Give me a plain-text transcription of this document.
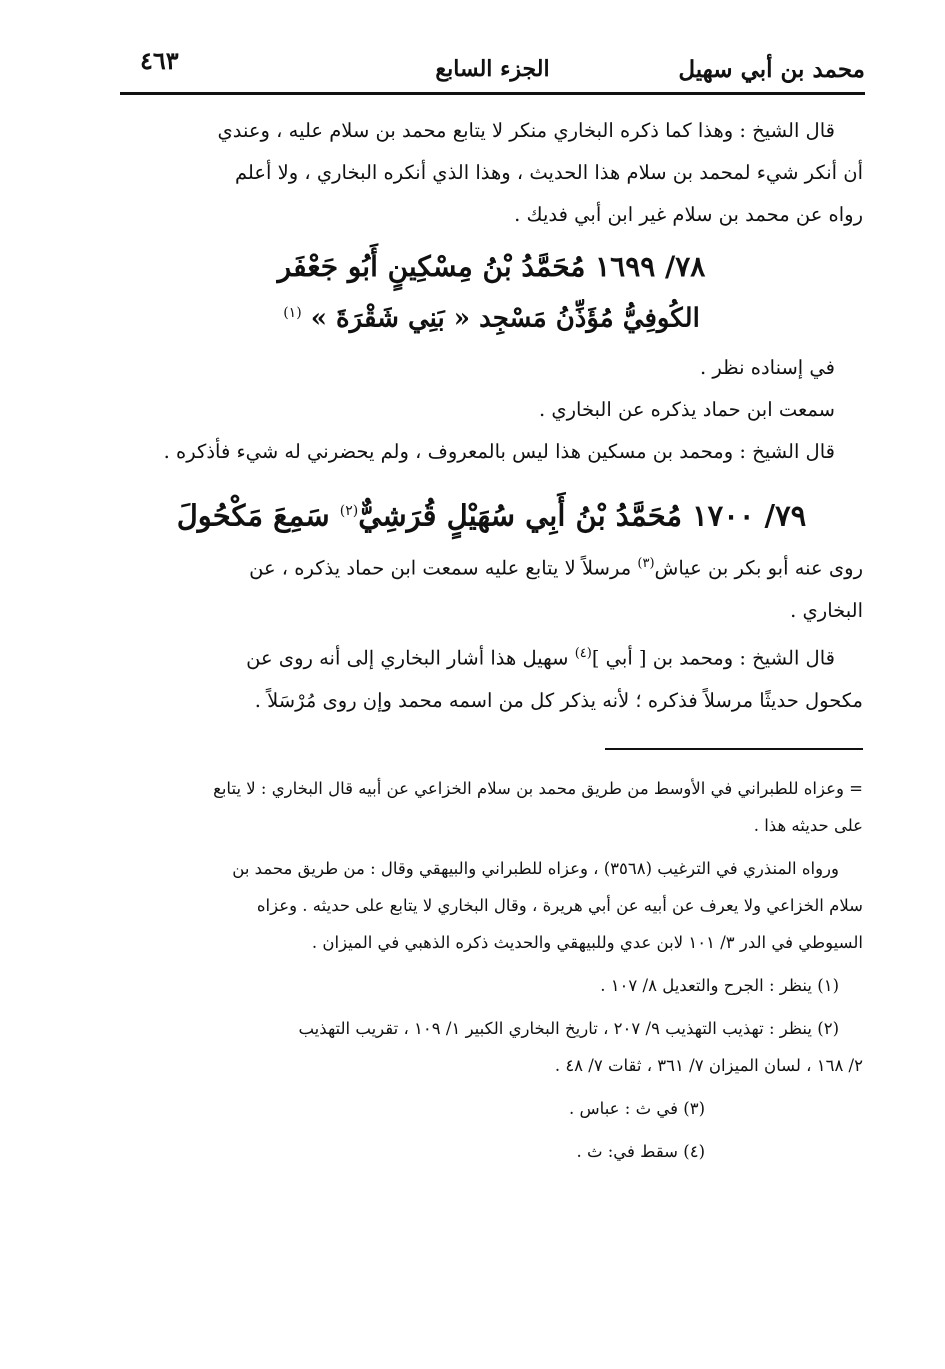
محمد بن أبي سهيل
الجزء السابع
٤٦٣
قال الشيخ : وهذا كما ذكره البخاري منكر لا يتابع محمد بن سلام عليه ، وعندي
أن أنكر شيء لمحمد بن سلام هذا الحديث ، وهذا الذي أنكره البخاري ، ولا أعلم
رواه عن محمد بن سلام غير ابن أبي فديك .
٧٨/ ١٦٩٩ مُحَمَّدُ بْنُ مِسْكِينٍ أَبُو جَعْفَر
الكُوفِيُّ مُؤَذِّنُ مَسْجِد « بَنِي شَقْرَةَ » $^{(١)}$
في إسناده نظر .
سمعت ابن حماد يذكره عن البخاري .
قال الشيخ : ومحمد بن مسكين هذا ليس بالمعروف ، ولم يحضرني له شيء فأذكره .
٧٩/ ١٧٠٠ مُحَمَّدُ بْنُ أَبِي سُهَيْلٍ قُرَشِيٌّ$^{(٢)}$ سَمِعَ مَكْحُولَ
روى عنه أبو بكر بن عياش$^{(٣)}$ مرسلاً لا يتابع عليه سمعت ابن حماد يذكره ، عن
البخاري .
قال الشيخ : ومحمد بن [ أبي ]$^{(٤)}$ سهيل هذا أشار البخاري إلى أنه روى عن
مكحول حديثًا مرسلاً فذكره ؛ لأنه يذكر كل من اسمه محمد وإن روى مُرْسَلاً .
= وعزاه للطبراني في الأوسط من طريق محمد بن سلام الخزاعي عن أبيه قال البخاري : لا يتابع
على حديثه هذا .
ورواه المنذري في الترغيب (٣٥٦٨) ، وعزاه للطبراني والبيهقي وقال : من طريق محمد بن
سلام الخزاعي ولا يعرف عن أبيه عن أبي هريرة ، وقال البخاري لا يتابع على حديثه . وعزاه
السيوطي في الدر ٣/ ١٠١ لابن عدي وللبيهقي والحديث ذكره الذهبي في الميزان .
(١) ينظر : الجرح والتعديل ٨/ ١٠٧ .
(٢) ينظر : تهذيب التهذيب ٩/ ٢٠٧ ، تاريخ البخاري الكبير ١/ ١٠٩ ، تقريب التهذيب
٢/ ١٦٨ ، لسان الميزان ٧/ ٣٦١ ، ثقات ٧/ ٤٨ .
(٣) في ث : عباس .
(٤) سقط في: ث .
